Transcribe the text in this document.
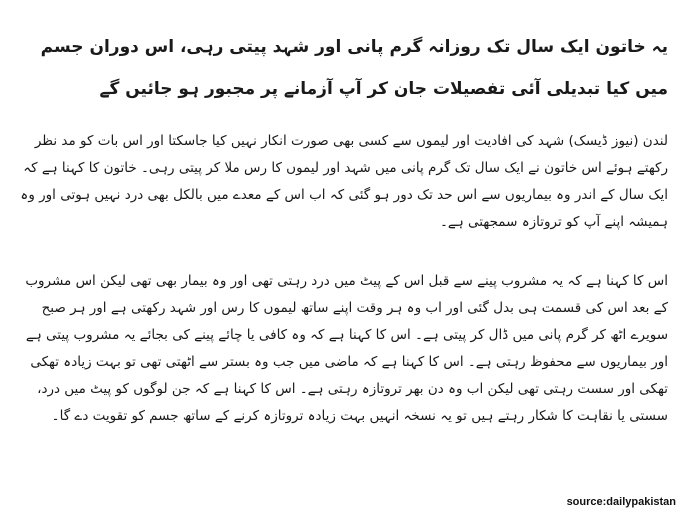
یہ خاتون ایک سال تک روزانہ گرم پانی اور شہد پیتی رہی، اس دوران جسم میں کیا تبدیلی آئی تفصیلات جان کر آپ آزمانے پر مجبور ہو جائیں گے
لندن (نیوز ڈیسک) شہد کی افادیت اور لیموں سے کسی بھی صورت انکار نہیں کیا جاسکتا اور اس بات کو مد نظر رکھتے ہوئے اس خاتون نے ایک سال تک گرم پانی میں شہد اور لیموں کا رس ملا کر پیتی رہی۔ خاتون کا کہنا ہے کہ ایک سال کے اندر وہ بیماریوں سے اس حد تک دور ہو گئی کہ اب اس کے معدے میں بالکل بھی درد نہیں ہوتی اور وہ ہمیشہ اپنے آپ کو تروتازہ سمجھتی ہے۔
اس کا کہنا ہے کہ یہ مشروب پینے سے قبل اس کے پیٹ میں درد رہتی تھی اور وہ بیمار بھی تھی لیکن اس مشروب کے بعد اس کی قسمت ہی بدل گئی اور اب وہ ہر وقت اپنے ساتھ لیموں کا رس اور شہد رکھتی ہے اور ہر صبح سویرے اٹھ کر گرم پانی میں ڈال کر پیتی ہے۔ اس کا کہنا ہے کہ وہ کافی یا چائے پینے کی بجائے یہ مشروب پیتی ہے اور بیماریوں سے محفوظ رہتی ہے۔ اس کا کہنا ہے کہ ماضی میں جب وہ بستر سے اٹھتی تھی تو بہت زیادہ تھکی تھکی اور سست رہتی تھی لیکن اب وہ دن بھر تروتازہ رہتی ہے۔ اس کا کہنا ہے کہ جن لوگوں کو پیٹ میں درد، سستی یا نقاہت کا شکار رہتے ہیں تو یہ نسخہ انہیں بہت زیادہ تروتازہ کرنے کے ساتھ جسم کو تقویت دے گا۔
source:dailypakistan
